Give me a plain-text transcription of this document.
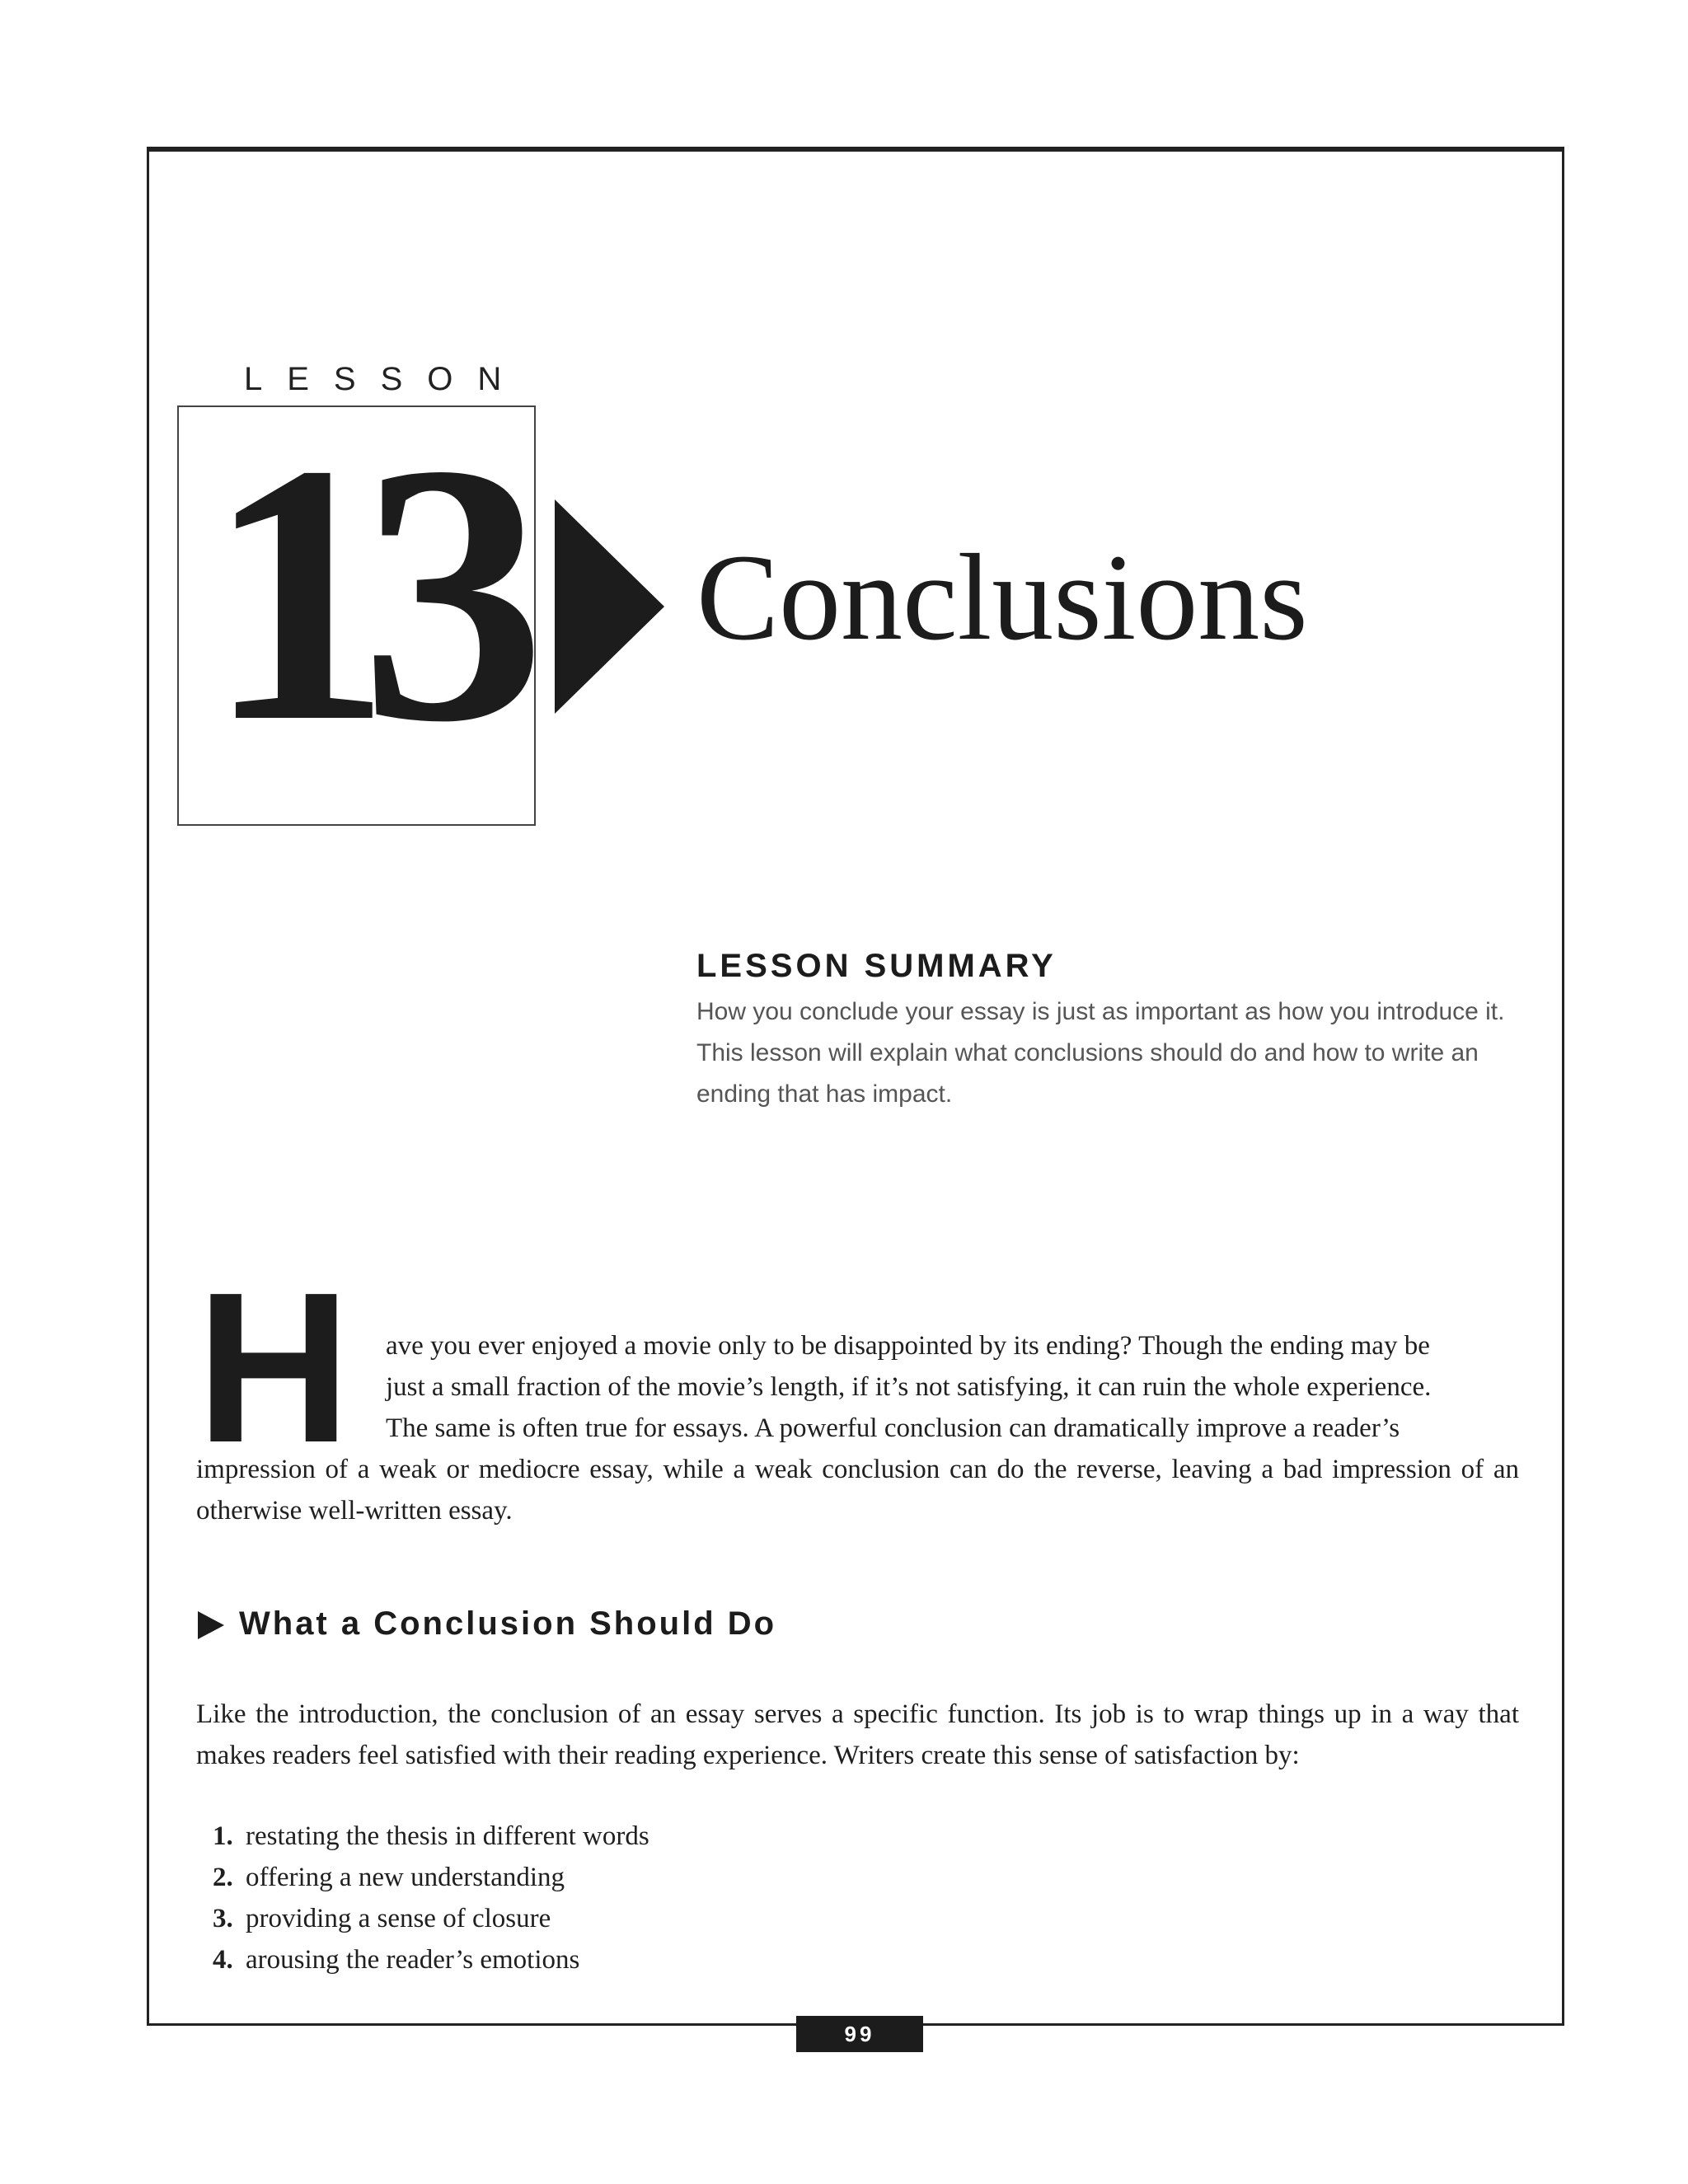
LESSON
13	Conclusions
LESSON SUMMARY
How you conclude your essay is just as important as how you introduce it. This lesson will explain what conclusions should do and how to write an ending that has impact.
H ave you ever enjoyed a movie only to be disappointed by its ending? Though the ending may be
just a small fraction of the movie’s length, if it’s not satisfying, it can ruin the whole experience.
The same is often true for essays. A powerful conclusion can dramatically improve a reader’s
impression of a weak or mediocre essay, while a weak conclusion can do the reverse, leaving a bad impression of an otherwise well-written essay.
What a Conclusion Should Do
Like the introduction, the conclusion of an essay serves a specific function. Its job is to wrap things up in a way that makes readers feel satisfied with their reading experience. Writers create this sense of satisfaction by:
1. restating the thesis in different words
2. offering a new understanding
3. providing a sense of closure
4. arousing the reader’s emotions
99
